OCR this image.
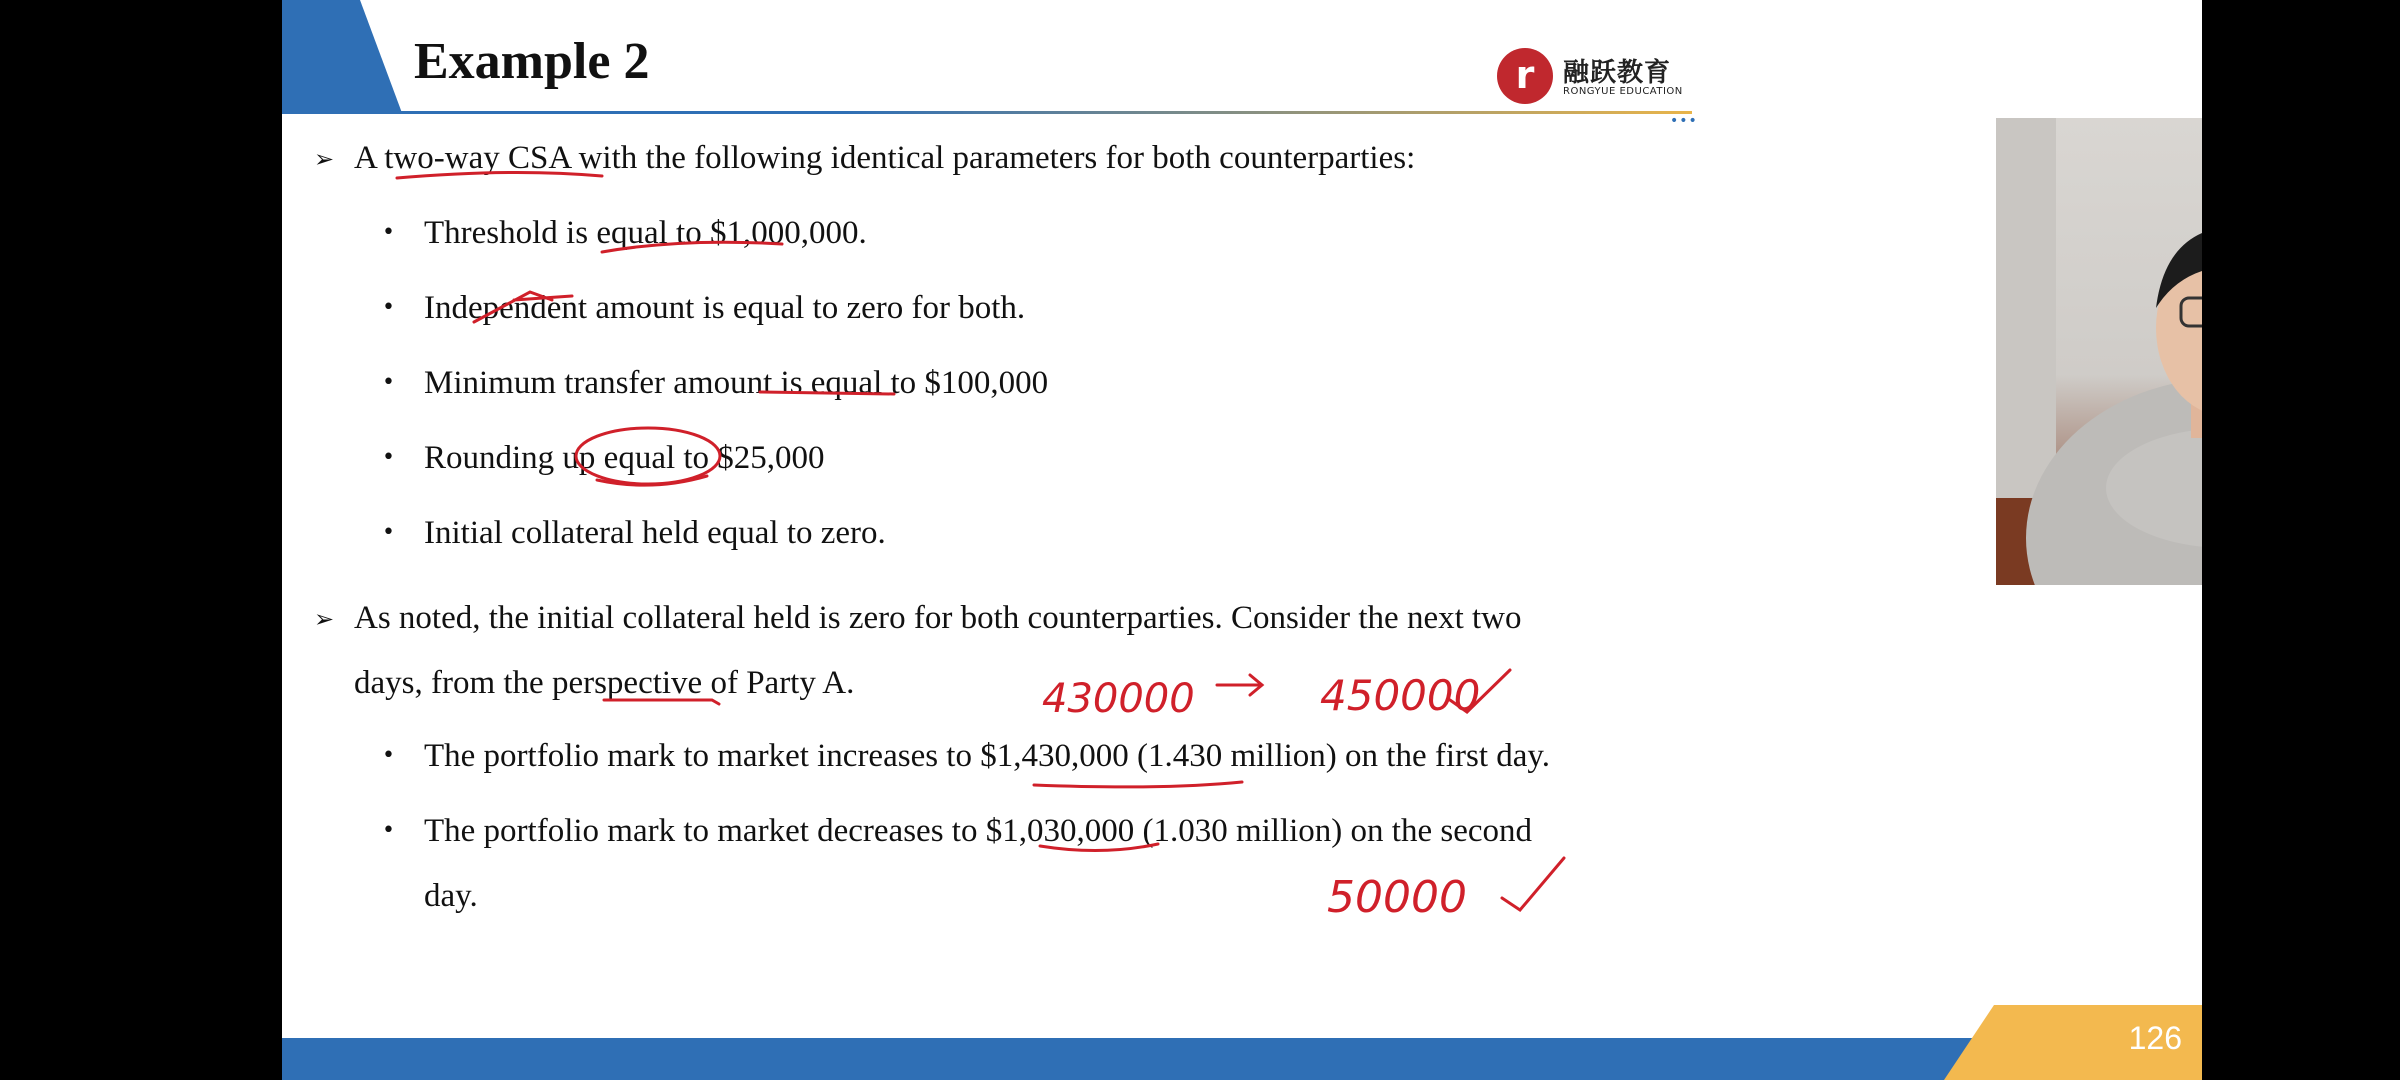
Example 2
•••
r	融跃教育
RONGYUE EDUCATION
➢ A two-way CSA with the following identical parameters for both counterparties:
• Threshold is equal to $1,000,000.
• Independent amount is equal to zero for both.
• Minimum transfer amount is equal to $100,000
• Rounding up equal to $25,000
• Initial collateral held equal to zero.
➢ As noted, the initial collateral held is zero for both counterparties. Consider the next two
days, from the perspective of Party A.
• The portfolio mark to market increases to $1,430,000 (1.430 million) on the first day.
• The portfolio mark to market decreases to $1,030,000 (1.030 million) on the second
day.
430000	450000
50000
126
